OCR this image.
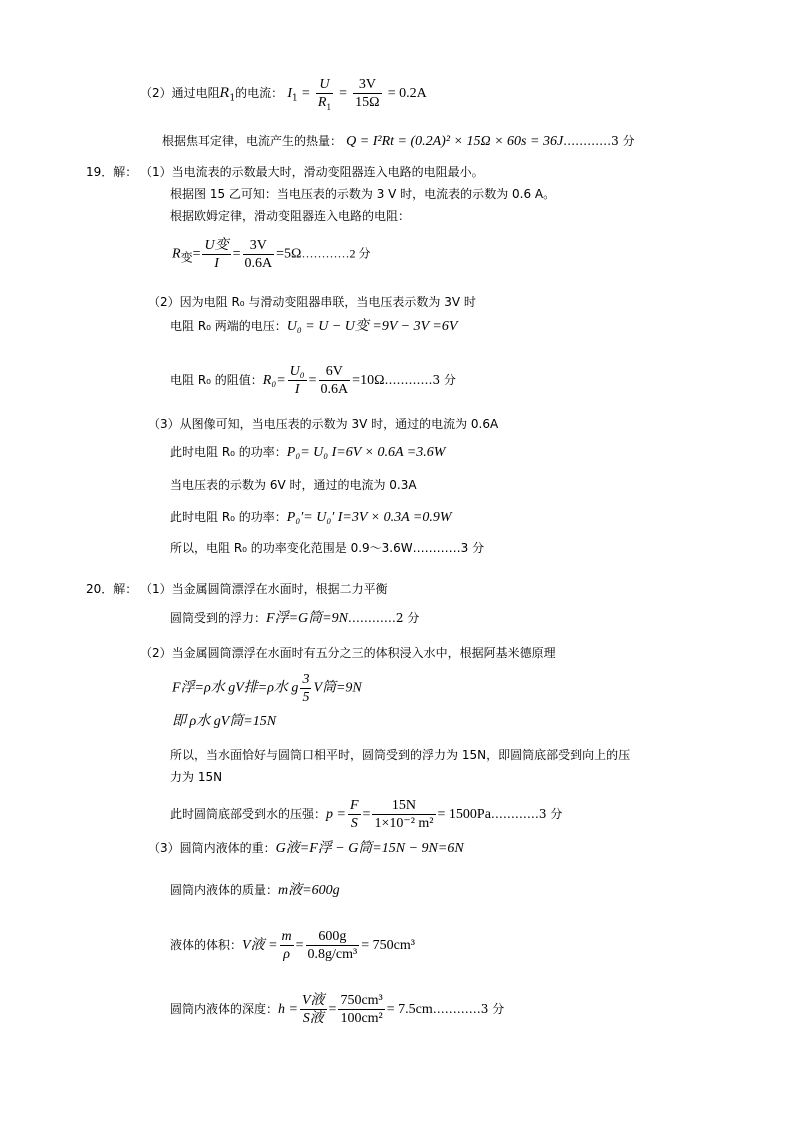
（2）通过电阻$R_1$的电流： $I_1 = \frac{U}{R_1} = \frac{3V}{15\Omega} = 0.2A$
根据焦耳定律，电流产生的热量： Q = I²Rt = (0.2A)² × 15Ω × 60s = 36J…………3 分
19．解： （1）当电流表的示数最大时，滑动变阻器连入电路的电阻最小。
根据图 15 乙可知：当电压表的示数为 3 V 时，电流表的示数为 0.6 A。
根据欧姆定律，滑动变阻器连入电路的电阻：
$R_变= \frac{\text{U变}}{I} = \frac{3V}{0.6A}$ =5Ω…………2 分
（2）因为电阻 R₀ 与滑动变阻器串联，当电压表示数为 3V 时
电阻 R₀ 两端的电压：U₀ = U − U变 =9V − 3V =6V
电阻 R₀ 的阻值：$R_0= \frac{\text{U₀}}{I} = \frac{6V}{0.6A}$ =10Ω…………3 分
（3）从图像可知，当电压表的示数为 3V 时，通过的电流为 0.6A
此时电阻 R₀ 的功率：P₀= U₀ I=6V × 0.6A =3.6W
当电压表的示数为 6V 时，通过的电流为 0.3A
此时电阻 R₀ 的功率：P₀′= U₀′ I=3V × 0.3A =0.9W
所以，电阻 R₀ 的功率变化范围是 0.9～3.6W…………3 分
20．解： （1）当金属圆筒漂浮在水面时，根据二力平衡
圆筒受到的浮力：F浮=G筒=9N…………2 分
（2）当金属圆筒漂浮在水面时有五分之三的体积浸入水中，根据阿基米德原理
F浮=ρ水 gV排=ρ水 g $\frac{3}{5}$ V筒=9N
即 ρ水 gV筒=15N
所以，当水面恰好与圆筒口相平时，圆筒受到的浮力为 15N，即圆筒底部受到向上的压
力为 15N
此时圆筒底部受到水的压强：$p = \frac{F}{S} = \frac{15N}{\text{1×10⁻² m²}}$ = 1500Pa…………3 分
（3）圆筒内液体的重：G液=F浮 − G筒=15N − 9N=6N
圆筒内液体的质量：m液=600g
液体的体积：V液 = $\frac{m}{\rho} = \frac{600g}{\text{0.8g/cm³}} = 750cm^3$
圆筒内液体的深度：$h = \frac{\text{V液}}{\text{S液}} = \frac{\text{750cm³}}{\text{100cm²}}$ = 7.5cm…………3 分
